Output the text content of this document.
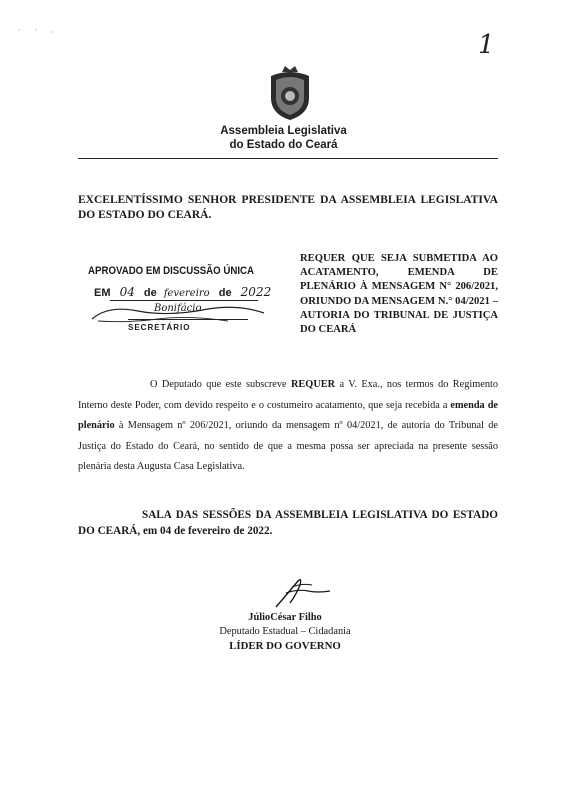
` ` ·	1
Assembleia Legislativa
do Estado do Ceará
EXCELENTÍSSIMO SENHOR PRESIDENTE DA ASSEMBLEIA LEGISLATIVA DO ESTADO DO CEARÁ.
REQUER QUE SEJA SUBMETIDA AO ACATAMENTO, EMENDA DE PLENÁRIO À MENSAGEM N° 206/2021, ORIUNDO DA MENSAGEM N.° 04/2021 – AUTORIA DO TRIBUNAL DE JUSTIÇA DO CEARÁ
APROVADO EM DISCUSSÃO ÚNICA
EM 04 de fevereiro de 2022
Bonifácio
SECRETÁRIO
O Deputado que este subscreve REQUER a V. Exa., nos termos do Regimento Interno deste Poder, com devido respeito e o costumeiro acatamento, que seja recebida a emenda de plenário à Mensagem nº 206/2021, oriundo da mensagem nº 04/2021, de autoria do Tribunal de Justiça do Estado do Ceará, no sentido de que a mesma possa ser apreciada na presente sessão plenária desta Augusta Casa Legislativa.
SALA DAS SESSÕES DA ASSEMBLEIA LEGISLATIVA DO ESTADO DO CEARÁ, em 04 de fevereiro de 2022.
JúlioCésar Filho
Deputado Estadual – Cidadania
LÍDER DO GOVERNO
